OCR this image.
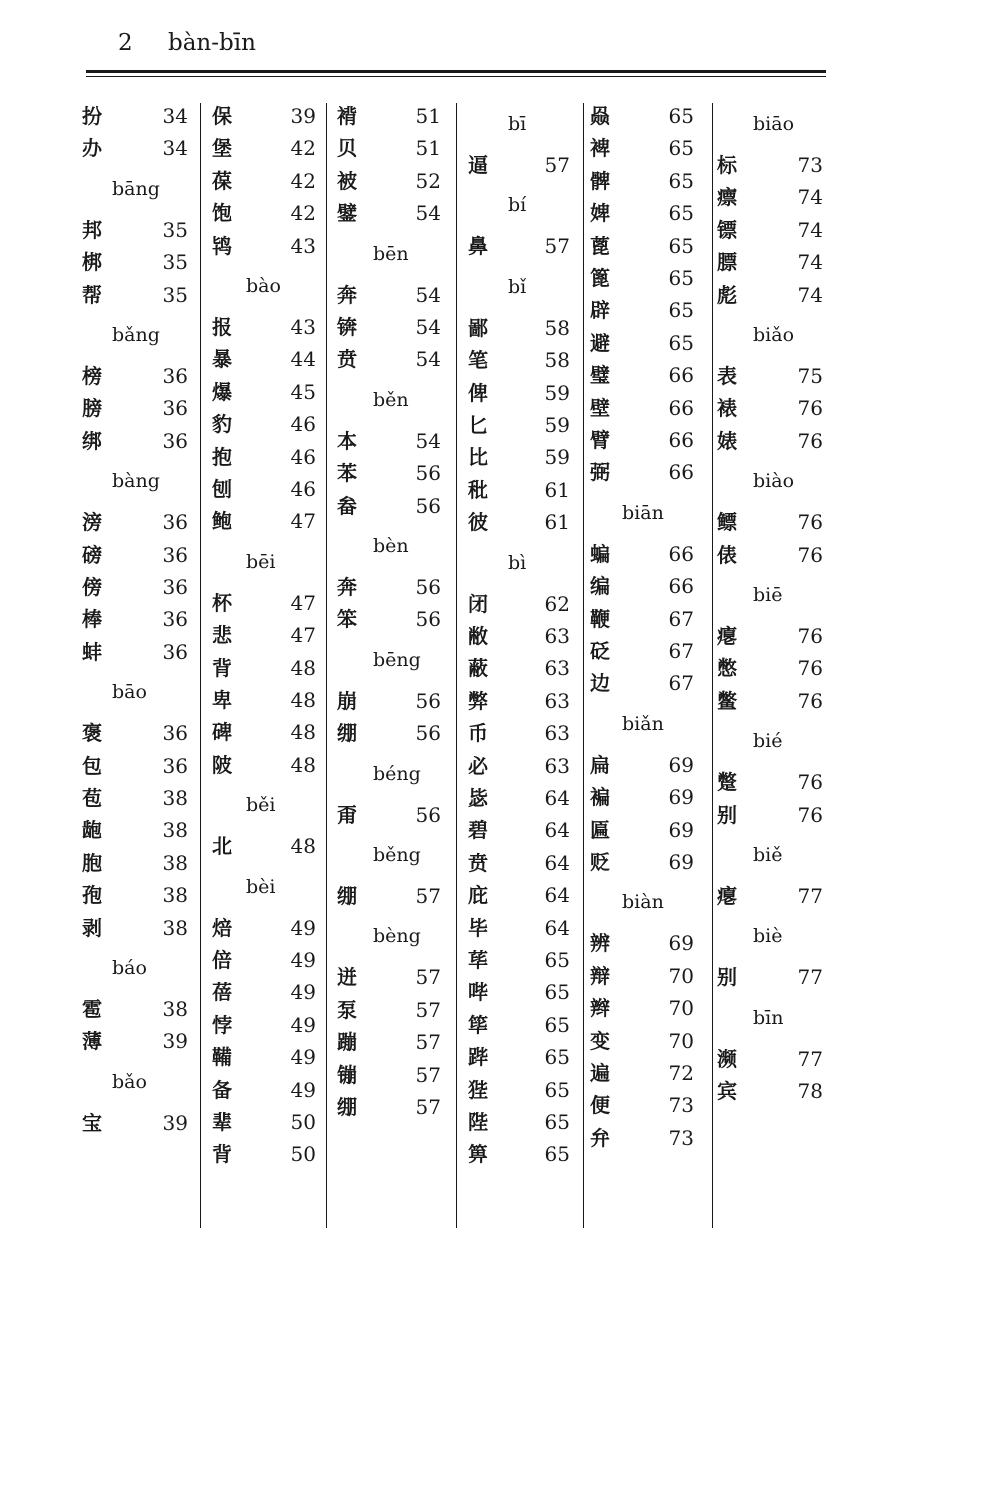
2 bàn-bīn
扮	34
办	34
bāng
邦	35
梆	35
帮	35
bǎng
榜	36
膀	36
绑	36
bàng
滂	36
磅	36
傍	36
棒	36
蚌	36
bāo
褒	36
包	36
苞	38
龅	38
胞	38
孢	38
剥	38
báo
雹	38
薄	39
bǎo
宝	39
保	39
堡	42
葆	42
饱	42
鸨	43
bào
报	43
暴	44
爆	45
豹	46
抱	46
刨	46
鲍	47
bēi
杯	47
悲	47
背	48
卑	48
碑	48
陂	48
běi
北	48
bèi
焙	49
倍	49
蓓	49
悖	49
鞴	49
备	49
辈	50
背	50
褙	51
贝	51
被	52
鐾	54
bēn
奔	54
锛	54
贲	54
běn
本	54
苯	56
畚	56
bèn
奔	56
笨	56
bēng
崩	56
绷	56
béng
甭	56
běng
绷	57
bèng
迸	57
泵	57
蹦	57
镚	57
绷	57
bī
逼	57
bí
鼻	57
bǐ
鄙	58
笔	58
俾	59
匕	59
比	59
秕	61
彼	61
bì
闭	62
敝	63
蔽	63
弊	63
币	63
必	63
毖	64
碧	64
贲	64
庇	64
毕	64
荜	65
哔	65
筚	65
跸	65
狴	65
陛	65
箅	65
赑	65
裨	65
髀	65
婢	65
蓖	65
篦	65
辟	65
避	65
璧	66
壁	66
臂	66
弼	66
biān
蝙	66
编	66
鞭	67
砭	67
边	67
biǎn
扁	69
褊	69
匾	69
贬	69
biàn
辨	69
辩	70
辫	70
变	70
遍	72
便	73
弁	73
biāo
标	73
瘭	74
镖	74
膘	74
彪	74
biǎo
表	75
裱	76
婊	76
biào
鳔	76
俵	76
biē
瘪	76
憋	76
鳖	76
bié
蹩	76
别	76
biě
瘪	77
biè
别	77
bīn
濒	77
宾	78
